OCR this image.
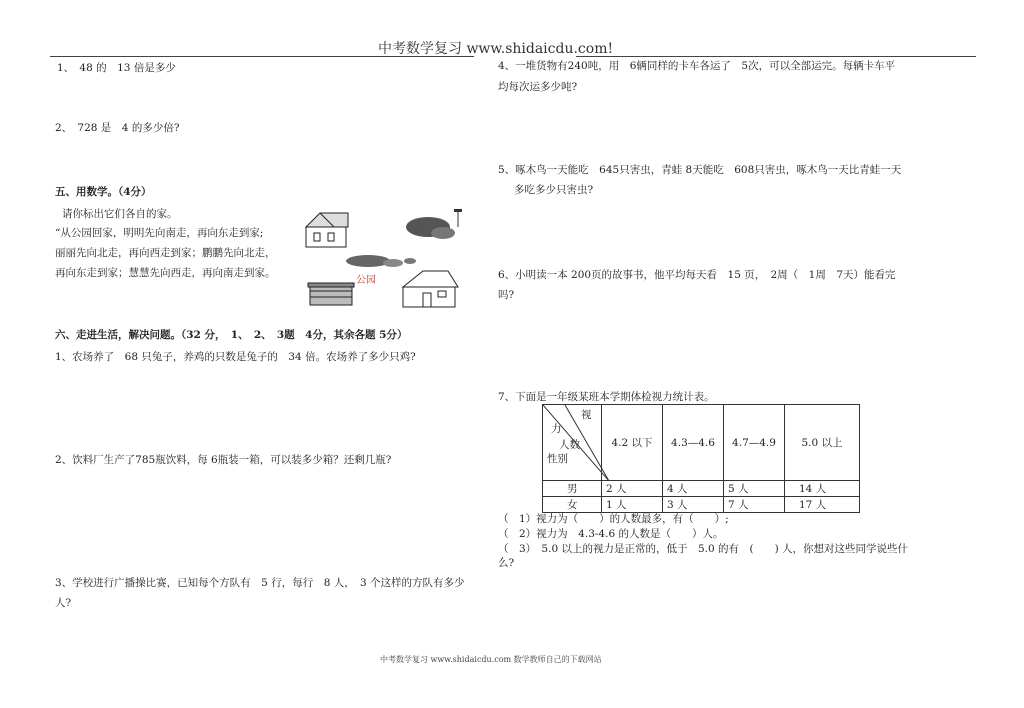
中考数学复习 www.shidaicdu.com!
1、　48 的　13 倍是多少
2、　728 是　4 的多少倍?
五、用数学。（4分）
请你标出它们各自的家。
“从公园回家，明明先向南走，再向东走到家;
丽丽先向北走，再向西走到家；鹏鹏先向北走，
再向东走到家；慧慧先向西走，再向南走到家。
公园
六、走进生活，解决问题。（32 分，　1、　2、　3题　4分，其余各题 5分）
1、农场养了　68 只兔子，养鸡的只数是兔子的　34 倍。农场养了多少只鸡?
2、饮料厂生产了785瓶饮料，每 6瓶装一箱，可以装多少箱？还剩几瓶?
3、学校进行广播操比赛，已知每个方队有　5 行，每行　8 人，　3 个这样的方队有多少
人?
4、一堆货物有240吨，用　6辆同样的卡车各运了　5次，可以全部运完。每辆卡车平
均每次运多少吨?
5、啄木鸟一天能吃　645只害虫，青蛙 8天能吃　608只害虫，啄木鸟一天比青蛙一天
多吃多少只害虫?
6、小明读一本 200页的故事书，他平均每天看　15 页，　2周（　1周　7天）能看完
吗?
7、下面是一年级某班本学期体检视力统计表。
视
力
人数
性别	4.2 以下	4.3—4.6	4.7—4.9	5.0 以上
男	2 人	4 人	5 人	14 人
女	1 人	3 人	7 人	17 人
（　1）视力为（　　）的人数最多，有（　　）;
（　2）视力为　4.3-4.6 的人数是（　　）人。
（　3）　5.0 以上的视力是正常的，低于　5.0 的有　(　　) 人，你想对这些同学说些什
么?
中考数学复习 www.shidaicdu.com 数学教师自己的下载网站
